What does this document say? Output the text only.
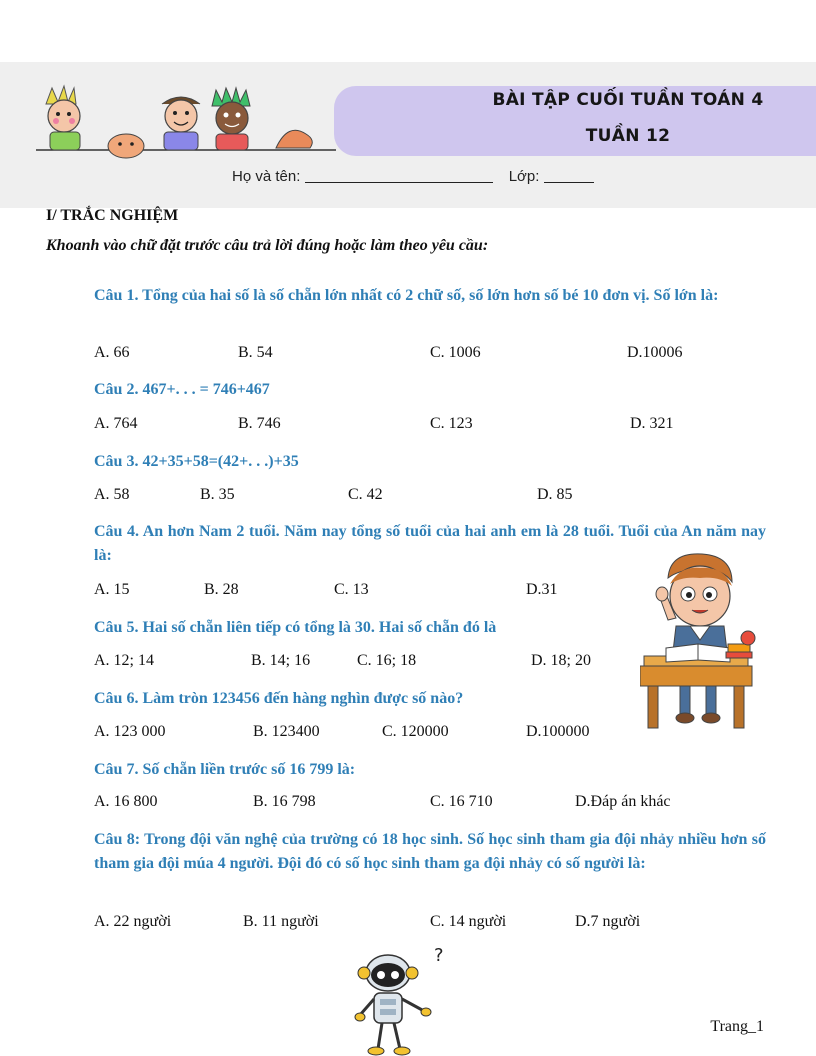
BÀI TẬP CUỐI TUẦN TOÁN 4
TUẦN 12
Họ và tên:	Lớp:
I/ TRẮC NGHIỆM
Khoanh vào chữ đặt trước câu trả lời đúng hoặc làm theo yêu cầu:
Câu 1. Tổng của hai số là số chẵn lớn nhất có 2 chữ số, số lớn hơn số bé 10 đơn vị. Số lớn là:
A. 66	B. 54	C. 1006	D.10006
Câu 2. 467+. . . = 746+467
A. 764	B. 746	C. 123	D. 321
Câu 3. 42+35+58=(42+. . .)+35
A. 58	B. 35	C. 42	D. 85
Câu 4. An hơn Nam 2 tuổi. Năm nay tổng số tuổi của hai anh em là 28 tuổi. Tuổi của An năm nay là:
A. 15	B. 28	C. 13	D.31
Câu 5. Hai số chẵn liên tiếp có tổng là 30. Hai số chẵn đó là
A. 12; 14	B. 14; 16	C. 16; 18	D. 18; 20
Câu 6. Làm tròn 123456 đến hàng nghìn được số nào?
A. 123 000	B. 123400	C. 120000	D.100000
Câu 7. Số chẵn liền trước số 16 799 là:
A. 16 800	B. 16 798	C. 16 710	D.Đáp án khác
Câu 8: Trong đội văn nghệ của trường có 18 học sinh. Số học sinh tham gia đội nhảy nhiều hơn số tham gia đội múa 4 người. Đội đó có số học sinh tham ga đội nhảy có số người là:
A. 22 người	B. 11 người	C. 14 người	D.7 người
?
Trang_1
